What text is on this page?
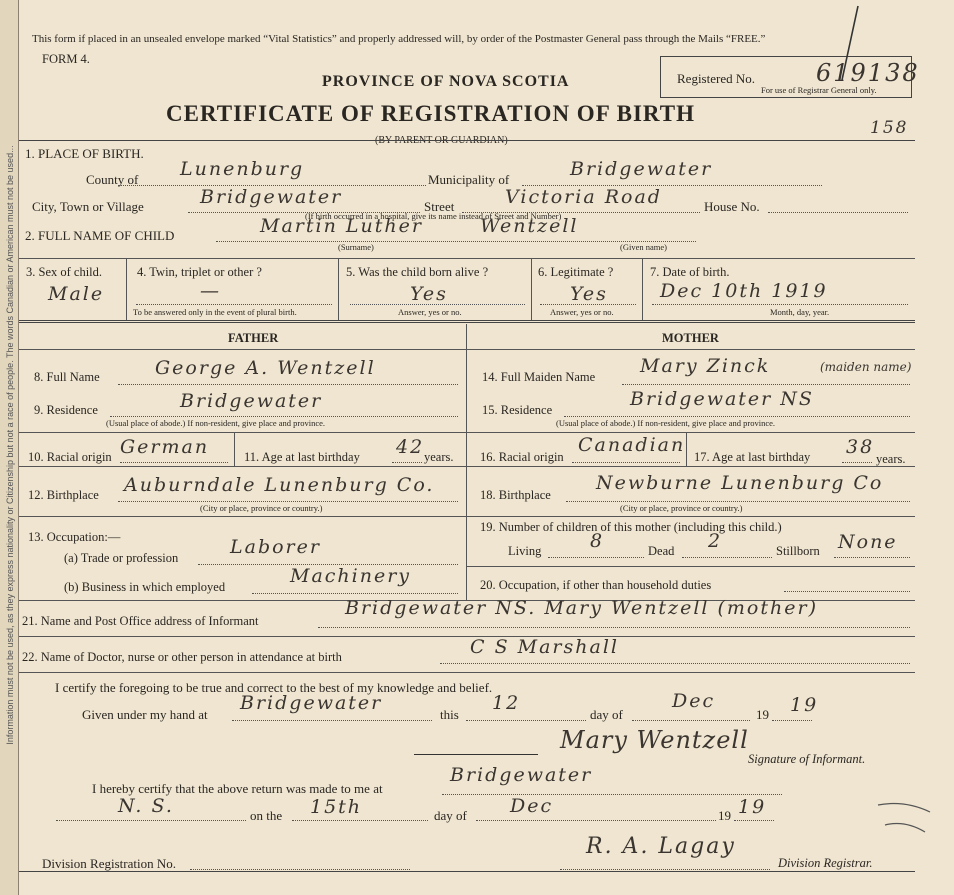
Information must not be used, as they express nationality or Citizenship but not a race of people. The words Canadian or American must not be used...
This form if placed in an unsealed envelope marked “Vital Statistics” and properly addressed will, by order of the Postmaster General pass through the Mails “FREE.”
FORM 4.
PROVINCE OF NOVA SCOTIA
CERTIFICATE OF REGISTRATION OF BIRTH
(BY PARENT OR GUARDIAN)
Registered No.	619138
For use of Registrar General only.
158
1. PLACE OF BIRTH.
County of Lunenburg	Municipality of	Bridgewater
City, Town or Village	Bridgewater	Street	Victoria Road	House No.
(If birth occurred in a hospital, give its name instead of Street and Number)
2. FULL NAME OF CHILD	Martin Luther	Wentzell
(Surname)	(Given name)
3. Sex of child.
Male
4. Twin, triplet or other ?
—
To be answered only in the event of plural birth.
5. Was the child born alive ?
Yes
Answer, yes or no.
6. Legitimate ?
Yes
Answer, yes or no.
7. Date of birth.
Dec 10th 1919
Month, day, year.
FATHER	MOTHER
8. Full Name	George A. Wentzell
9. Residence	Bridgewater
(Usual place of abode.) If non-resident, give place and province.
10. Racial origin German	11. Age at last birthday 42 years.
12. Birthplace Auburndale Lunenburg Co.
(City or place, province or country.)
13. Occupation:—
(a) Trade or profession	Laborer
(b) Business in which employed	Machinery
14. Full Maiden Name Mary Zinck	(maiden name)
15. Residence	Bridgewater NS
(Usual place of abode.) If non-resident, give place and province.
16. Racial origin
Canadian
17. Age at last birthday 38
years.
18. Birthplace
Newburne Lunenburg Co
(City or place, province or country.)
19. Number of children of this mother (including this child.)
Living	8	Dead 2	Stillborn None
20. Occupation, if other than household duties
21. Name and Post Office address of Informant
Bridgewater NS. Mary Wentzell (mother)
22. Name of Doctor, nurse or other person in attendance at birth	C S Marshall
I certify the foregoing to be true and correct to the best of my knowledge and belief.
Given under my hand at
Bridgewater
this
12
day of
Dec
19 19
Mary Wentzell
Signature of Informant.
I hereby certify that the above return was made to me at
Bridgewater
N. S.	on the 15th	day of Dec	19 19
Division Registration No.
R. A. Lagay
Division Registrar.
